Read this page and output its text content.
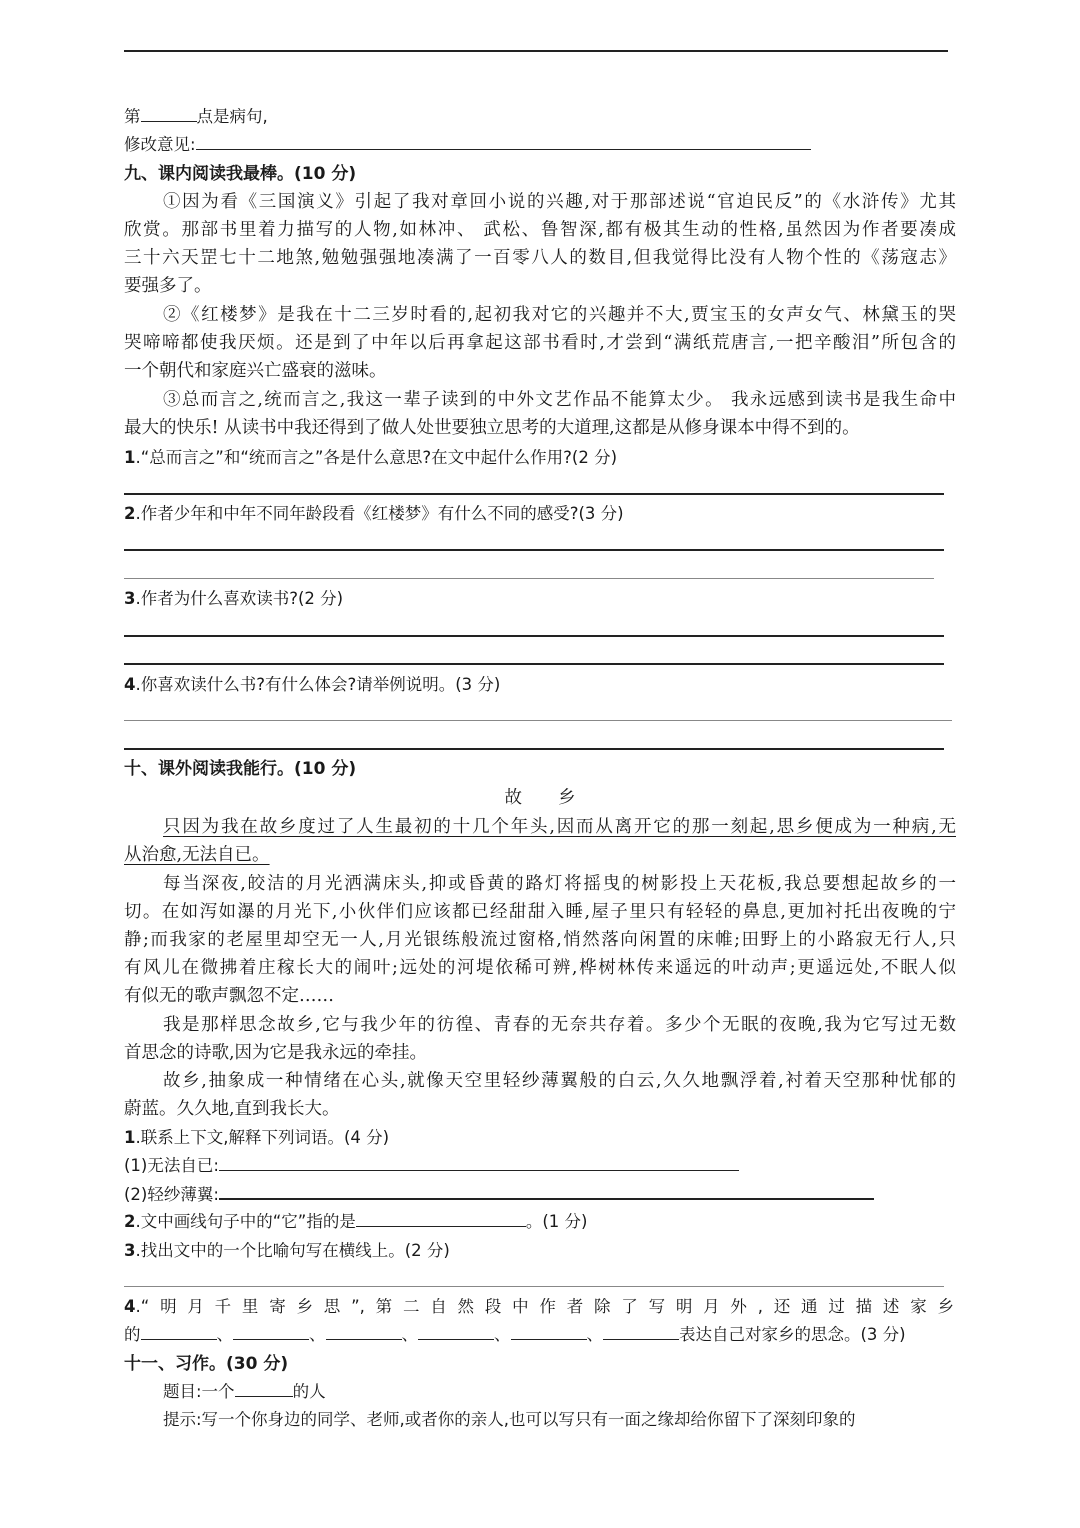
第	点是病句,
修改意见:
九、课内阅读我最棒。(10 分)
①因为看《三国演义》引起了我对章回小说的兴趣,对于那部述说“官迫民反”的《水浒传》尤其
欣赏。那部书里着力描写的人物,如林冲、 武松、鲁智深,都有极其生动的性格,虽然因为作者要凑成
三十六天罡七十二地煞,勉勉强强地凑满了一百零八人的数目,但我觉得比没有人物个性的《荡寇志》
要强多了。
②《红楼梦》是我在十二三岁时看的,起初我对它的兴趣并不大,贾宝玉的女声女气、林黛玉的哭
哭啼啼都使我厌烦。还是到了中年以后再拿起这部书看时,才尝到“满纸荒唐言,一把辛酸泪”所包含的
一个朝代和家庭兴亡盛衰的滋味。
③总而言之,统而言之,我这一辈子读到的中外文艺作品不能算太少。 我永远感到读书是我生命中
最大的快乐! 从读书中我还得到了做人处世要独立思考的大道理,这都是从修身课本中得不到的。
1.“总而言之”和“统而言之”各是什么意思?在文中起什么作用?(2 分)
2.作者少年和中年不同年龄段看《红楼梦》有什么不同的感受?(3 分)
3.作者为什么喜欢读书?(2 分)
4.你喜欢读什么书?有什么体会?请举例说明。(3 分)
十、课外阅读我能行。(10 分)
故 乡
只因为我在故乡度过了人生最初的十几个年头,因而从离开它的那一刻起,思乡便成为一种病,无
从治愈,无法自已。
每当深夜,皎洁的月光洒满床头,抑或昏黄的路灯将摇曳的树影投上天花板,我总要想起故乡的一
切。在如泻如瀑的月光下,小伙伴们应该都已经甜甜入睡,屋子里只有轻轻的鼻息,更加衬托出夜晚的宁
静;而我家的老屋里却空无一人,月光银练般流过窗格,悄然落向闲置的床帷;田野上的小路寂无行人,只
有风儿在微拂着庄稼长大的闹叶;远处的河堤依稀可辨,桦树林传来遥远的叶动声;更遥远处,不眠人似
有似无的歌声飘忽不定……
我是那样思念故乡,它与我少年的彷徨、青春的无奈共存着。多少个无眠的夜晚,我为它写过无数
首思念的诗歌,因为它是我永远的牵挂。
故乡,抽象成一种情绪在心头,就像天空里轻纱薄翼般的白云,久久地飘浮着,衬着天空那种忧郁的
蔚蓝。久久地,直到我长大。
1.联系上下文,解释下列词语。(4 分)
(1)无法自已:
(2)轻纱薄翼:
2.文中画线句子中的“它”指的是	。(1 分)
3.找出文中的一个比喻句写在横线上。(2 分)
4.“明月千里寄乡思”,第二自然段中作者除了写明月外,还通过描述家乡
的	、	、	、	、	、	表达自己对家乡的思念。(3 分)
十一、习作。(30 分)
题目:一个	的人
提示:写一个你身边的同学、老师,或者你的亲人,也可以写只有一面之缘却给你留下了深刻印象的
